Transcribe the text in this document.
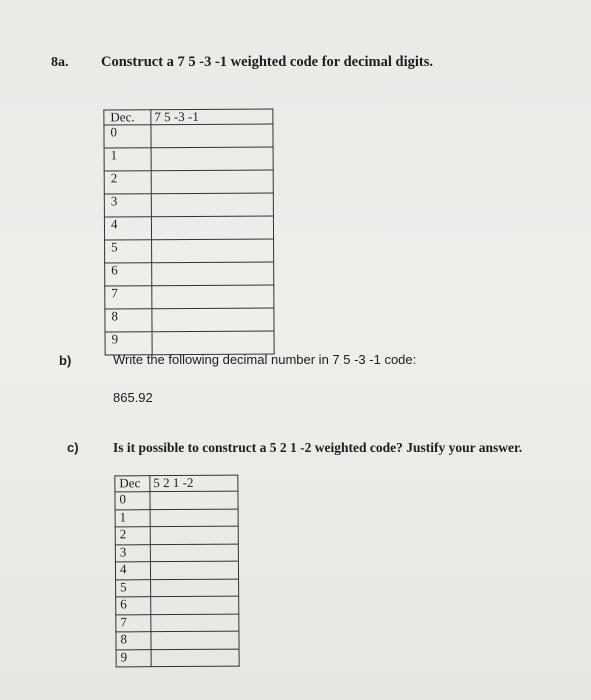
8a. Construct a 7 5 -3 -1 weighted code for decimal digits.
Dec.	7 5 -3 -1
0	
1	
2	
3	
4	
5	
6	
7	
8	
9	
b)	Write the following decimal number in 7 5 -3 -1 code:
865.92
c)	Is it possible to construct a 5 2 1 -2 weighted code? Justify your answer.
Dec	5 2 1 -2
0	
1	
2	
3	
4	
5	
6	
7	
8	
9	
